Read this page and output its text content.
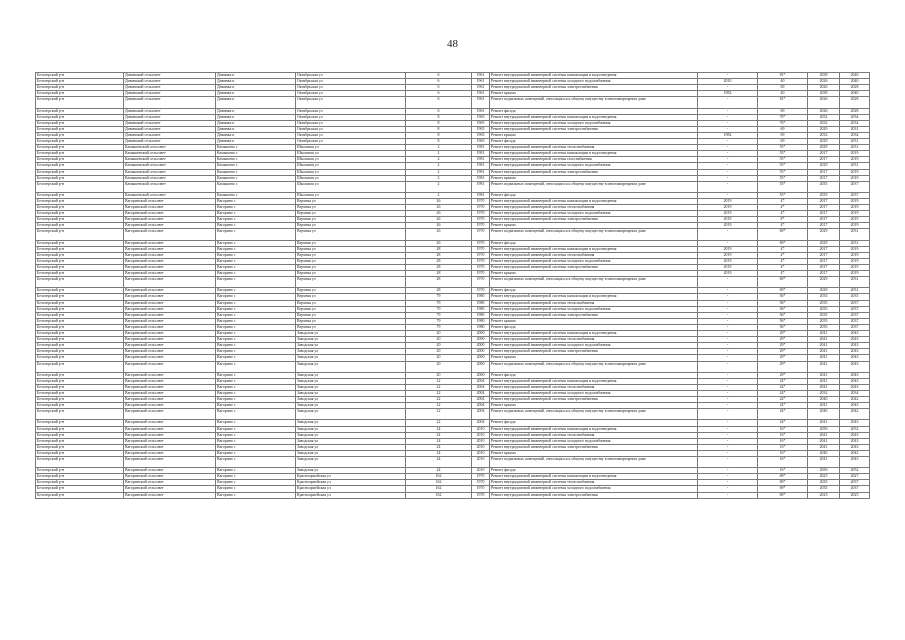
48
Белозерский р-н	Дивинский сельсовет	Дивинка п	Октябрьская ул	6	1961	Ремонт внутридомовой инженерной системы канализации и водоотведения	-	81*	2038	2040
Белозерский р-н	Дивинский сельсовет	Дивинка п	Октябрьская ул	6	1961	Ремонт внутридомовой инженерной системы холодного водоснабжения	2010	40	2026	2040
Белозерский р-н	Дивинский сельсовет	Дивинка п	Октябрьская ул	6	1961	Ремонт внутридомовой инженерной системы электроснабжения	-	69	2026	2028
Белозерский р-н	Дивинский сельсовет	Дивинка п	Октябрьская ул	6	1961	Ремонт крыши	1982	40	2038	2040
Белозерский р-н	Дивинский сельсовет	Дивинка п	Октябрьская ул	6	1961	Ремонт подвальных помещений, относящихся к общему имуществу в многоквартирном доме	-	81*	2026	2028
Белозерский р-н	Дивинский сельсовет	Дивинка п	Октябрьская ул	6	1961	Ремонт фасада	-	69	2026	2028
Белозерский р-н	Дивинский сельсовет	Дивинка п	Октябрьская ул	8	1965	Ремонт внутридомовой инженерной системы канализации и водоотведения	-	78*	2032	2034
Белозерский р-н	Дивинский сельсовет	Дивинка п	Октябрьская ул	8	1965	Ремонт внутридомовой инженерной системы холодного водоснабжения	-	76*	2032	2034
Белозерский р-н	Дивинский сельсовет	Дивинка п	Октябрьская ул	8	1965	Ремонт внутридомовой инженерной системы электроснабжения	-	69	2029	2031
Белозерский р-н	Дивинский сельсовет	Дивинка п	Октябрьская ул	8	1965	Ремонт крыши	1982	69	2032	2034
Белозерский р-н	Дивинский сельсовет	Дивинка п	Октябрьская ул	8	1965	Ремонт фасада	-	69	2029	2031
Белозерский р-н	Камышевский сельсовет	Камышево с	Школьная ул	2	1981	Ремонт внутридомовой инженерной системы теплоснабжения	-	55*	2029	2031
Белозерский р-н	Камышевский сельсовет	Камышево с	Школьная ул	2	1981	Ремонт внутридомовой инженерной системы канализации и водоотведения	-	55*	2017	2019
Белозерский р-н	Камышевский сельсовет	Камышево с	Школьная ул	2	1981	Ремонт внутридомовой инженерной системы газоснабжения	-	55*	2017	2019
Белозерский р-н	Камышевский сельсовет	Камышево с	Школьная ул	2	1981	Ремонт внутридомовой инженерной системы холодного водоснабжения	-	55*	2029	2031
Белозерский р-н	Камышевский сельсовет	Камышево с	Школьная ул	2	1981	Ремонт внутридомовой инженерной системы электроснабжения	-	55*	2017	2019
Белозерский р-н	Камышевский сельсовет	Камышево с	Школьная ул	2	1981	Ремонт крыши	-	55*	2017	2019
Белозерский р-н	Камышевский сельсовет	Камышево с	Школьная ул	2	1981	Ремонт подвальных помещений, относящихся к общему имуществу в многоквартирном доме	-	55*	2035	2037
Белозерский р-н	Камышевский сельсовет	Камышево с	Школьная ул	2	1981	Ремонт фасада	-	55*	2035	2037
Белозерский р-н	Вагоринский сельсовет	Вагорино с	Верхняя ул	26	1970	Ремонт внутридомовой инженерной системы канализации и водоотведения	2019	4*	2017	2019
Белозерский р-н	Вагоринский сельсовет	Вагорино с	Верхняя ул	26	1970	Ремонт внутридомовой инженерной системы теплоснабжения	2019	4*	2017	2019
Белозерский р-н	Вагоринский сельсовет	Вагорино с	Верхняя ул	26	1970	Ремонт внутридомовой инженерной системы холодного водоснабжения	2019	4*	2017	2019
Белозерский р-н	Вагоринский сельсовет	Вагорино с	Верхняя ул	26	1970	Ремонт внутридомовой инженерной системы электроснабжения	2019	8*	2017	2019
Белозерский р-н	Вагоринский сельсовет	Вагорино с	Верхняя ул	26	1970	Ремонт крыши	2019	4*	2017	2019
Белозерский р-н	Вагоринский сельсовет	Вагорино с	Верхняя ул	26	1970	Ремонт подвальных помещений, относящихся к общему имуществу в многоквартирном доме	-	69*	2029	2031
Белозерский р-н	Вагоринский сельсовет	Вагорино с	Верхняя ул	26	1970	Ремонт фасада	-	69*	2029	2031
Белозерский р-н	Вагоринский сельсовет	Вагорино с	Верхняя ул	28	1970	Ремонт внутридомовой инженерной системы канализации и водоотведения	2019	4*	2017	2019
Белозерский р-н	Вагоринский сельсовет	Вагорино с	Верхняя ул	28	1970	Ремонт внутридомовой инженерной системы теплоснабжения	2019	4*	2017	2019
Белозерский р-н	Вагоринский сельсовет	Вагорино с	Верхняя ул	28	1970	Ремонт внутридомовой инженерной системы холодного водоснабжения	2019	4*	2017	2019
Белозерский р-н	Вагоринский сельсовет	Вагорино с	Верхняя ул	28	1970	Ремонт внутридомовой инженерной системы электроснабжения	2019	4*	2017	2019
Белозерский р-н	Вагоринский сельсовет	Вагорино с	Верхняя ул	28	1970	Ремонт крыши	2019	4*	2017	2019
Белозерский р-н	Вагоринский сельсовет	Вагорино с	Верхняя ул	28	1970	Ремонт подвальных помещений, относящихся к общему имуществу в многоквартирном доме	-	69*	2029	2031
Белозерский р-н	Вагоринский сельсовет	Вагорино с	Верхняя ул	28	1970	Ремонт фасада	-	69*	2029	2031
Белозерский р-н	Вагоринский сельсовет	Вагорино с	Верхняя ул	79	1980	Ремонт внутридомовой инженерной системы канализации и водоотведения	-	56*	2033	2035
Белозерский р-н	Вагоринский сельсовет	Вагорино с	Верхняя ул	79	1980	Ремонт внутридомовой инженерной системы теплоснабжения	-	56*	2035	2037
Белозерский р-н	Вагоринский сельсовет	Вагорино с	Верхняя ул	79	1980	Ремонт внутридомовой инженерной системы холодного водоснабжения	-	56*	2035	2037
Белозерский р-н	Вагоринский сельсовет	Вагорино с	Верхняя ул	79	1980	Ремонт внутридомовой инженерной системы электроснабжения	-	56*	2035	2037
Белозерский р-н	Вагоринский сельсовет	Вагорино с	Верхняя ул	79	1980	Ремонт крыши	-	56*	2035	2037
Белозерский р-н	Вагоринский сельсовет	Вагорино с	Верхняя ул	79	1980	Ремонт фасада	-	56*	2035	2037
Белозерский р-н	Вагоринский сельсовет	Вагорино с	Заводская ул	20	2000	Ремонт внутридомовой инженерной системы канализации и водоотведения	-	29*	2041	2043
Белозерский р-н	Вагоринский сельсовет	Вагорино с	Заводская ул	20	2000	Ремонт внутридомовой инженерной системы теплоснабжения	-	29*	2041	2043
Белозерский р-н	Вагоринский сельсовет	Вагорино с	Заводская ул	20	2000	Ремонт внутридомовой инженерной системы холодного водоснабжения	-	29*	2041	2043
Белозерский р-н	Вагоринский сельсовет	Вагорино с	Заводская ул	20	2000	Ремонт внутридомовой инженерной системы электроснабжения	-	29*	2041	2043
Белозерский р-н	Вагоринский сельсовет	Вагорино с	Заводская ул	20	2000	Ремонт крыши	-	29*	2041	2043
Белозерский р-н	Вагоринский сельсовет	Вагорино с	Заводская ул	20	2000	Ремонт подвальных помещений, относящихся к общему имуществу в многоквартирном доме	-	29*	2041	2043
Белозерский р-н	Вагоринский сельсовет	Вагорино с	Заводская ул	20	2000	Ремонт фасада	-	29*	2041	2043
Белозерский р-н	Вагоринский сельсовет	Вагорино с	Заводская ул	22	2004	Ремонт внутридомовой инженерной системы канализации и водоотведения	-	24*	2041	2043
Белозерский р-н	Вагоринский сельсовет	Вагорино с	Заводская ул	22	2004	Ремонт внутридомовой инженерной системы теплоснабжения	-	24*	2041	2043
Белозерский р-н	Вагоринский сельсовет	Вагорино с	Заводская ул	22	2004	Ремонт внутридомовой инженерной системы холодного водоснабжения	-	24*	2032	2034
Белозерский р-н	Вагоринский сельсовет	Вагорино с	Заводская ул	22	2004	Ремонт внутридомовой инженерной системы электроснабжения	-	24*	2040	2042
Белозерский р-н	Вагоринский сельсовет	Вагорино с	Заводская ул	22	2004	Ремонт крыши	-	24*	2041	2043
Белозерский р-н	Вагоринский сельсовет	Вагорино с	Заводская ул	22	2004	Ремонт подвальных помещений, относящихся к общему имуществу в многоквартирном доме	-	24*	2040	2042
Белозерский р-н	Вагоринский сельсовет	Вагорино с	Заводская ул	22	2004	Ремонт фасада	-	24*	2041	2043
Белозерский р-н	Вагоринский сельсовет	Вагорино с	Заводская ул	24	2010	Ремонт внутридомовой инженерной системы канализации и водоотведения	-	16*	2050	2052
Белозерский р-н	Вагоринский сельсовет	Вагорино с	Заводская ул	24	2010	Ремонт внутридомовой инженерной системы теплоснабжения	-	16*	2041	2043
Белозерский р-н	Вагоринский сельсовет	Вагорино с	Заводская ул	24	2010	Ремонт внутридомовой инженерной системы холодного водоснабжения	-	16*	2041	2043
Белозерский р-н	Вагоринский сельсовет	Вагорино с	Заводская ул	24	2010	Ремонт внутридомовой инженерной системы электроснабжения	-	16*	2041	2043
Белозерский р-н	Вагоринский сельсовет	Вагорино с	Заводская ул	24	2010	Ремонт крыши	-	16*	2040	2042
Белозерский р-н	Вагоринский сельсовет	Вагорино с	Заводская ул	24	2010	Ремонт подвальных помещений, относящихся к общему имуществу в многоквартирном доме	-	16*	2041	2043
Белозерский р-н	Вагоринский сельсовет	Вагорино с	Заводская ул	24	2010	Ремонт фасада	-	16*	2050	2052
Белозерский р-н	Вагоринский сельсовет	Вагорино с	Красноармейская ул	162	1970	Ремонт внутридомовой инженерной системы канализации и водоотведения	-	69*	2025	2027
Белозерский р-н	Вагоринский сельсовет	Вагорино с	Красноармейская ул	162	1970	Ремонт внутридомовой инженерной системы теплоснабжения	-	69*	2035	2037
Белозерский р-н	Вагоринский сельсовет	Вагорино с	Красноармейская ул	162	1970	Ремонт внутридомовой инженерной системы холодного водоснабжения	-	69*	2035	2037
Белозерский р-н	Вагоринский сельсовет	Вагорино с	Красноармейская ул	162	1970	Ремонт внутридомовой инженерной системы электроснабжения	-	69*	2023	2025
